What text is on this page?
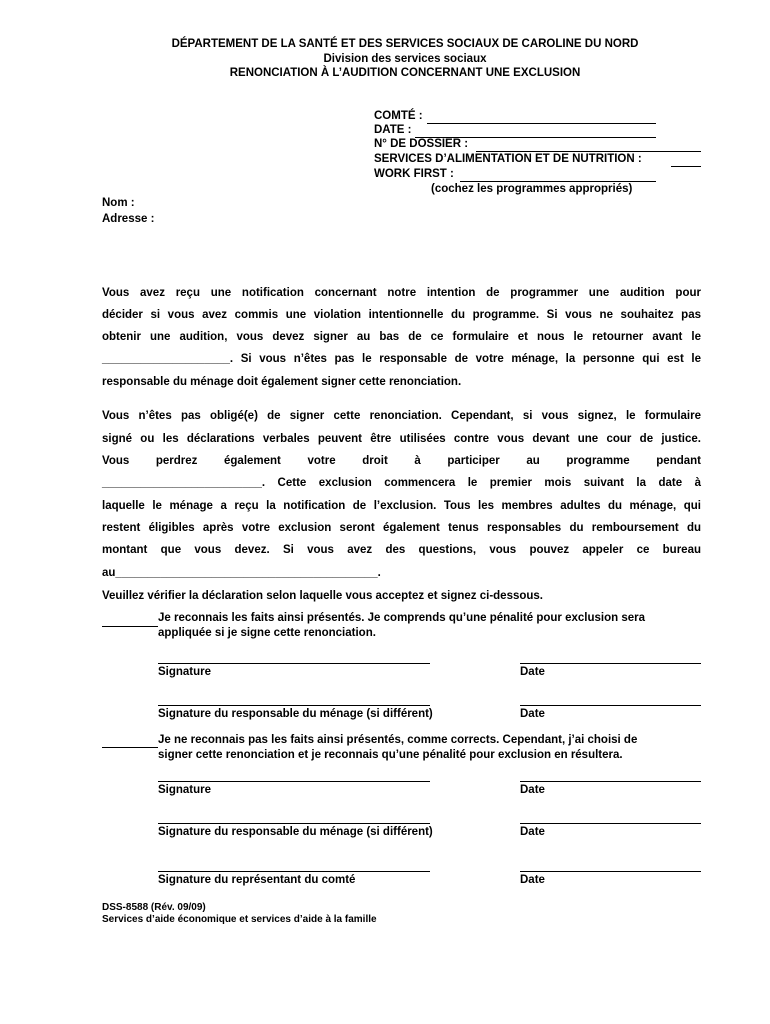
DÉPARTEMENT DE LA SANTÉ ET DES SERVICES SOCIAUX DE CAROLINE DU NORD
Division des services sociaux
RENONCIATION À L’AUDITION CONCERNANT UNE EXCLUSION
COMTÉ :
DATE :
N° DE DOSSIER :
SERVICES D’ALIMENTATION ET DE NUTRITION :
WORK FIRST :
(cochez les programmes appropriés)
Nom :
Adresse :
Vous avez reçu une notification concernant notre intention de programmer une audition pour
décider si vous avez commis une violation intentionnelle du programme. Si vous ne souhaitez pas
obtenir une audition, vous devez signer au bas de ce formulaire et nous le retourner avant le
____________________. Si vous n’êtes pas le responsable de votre ménage, la personne qui est le
responsable du ménage doit également signer cette renonciation.
Vous n’êtes pas obligé(e) de signer cette renonciation. Cependant, si vous signez, le formulaire
signé ou les déclarations verbales peuvent être utilisées contre vous devant une cour de justice.
Vous perdrez également votre droit à participer au programme pendant
_________________________. Cette exclusion commencera le premier mois suivant la date à
laquelle le ménage a reçu la notification de l’exclusion. Tous les membres adultes du ménage, qui
restent éligibles après votre exclusion seront également tenus responsables du remboursement du
montant que vous devez. Si vous avez des questions, vous pouvez appeler ce bureau
au_________________________________________.
Veuillez vérifier la déclaration selon laquelle vous acceptez et signez ci-dessous.
Je reconnais les faits ainsi présentés. Je comprends qu’une pénalité pour exclusion sera
appliquée si je signe cette renonciation.
Signature	Date
Signature du responsable du ménage (si différent)	Date
Je ne reconnais pas les faits ainsi présentés, comme corrects. Cependant, j’ai choisi de
signer cette renonciation et je reconnais qu’une pénalité pour exclusion en résultera.
Signature	Date
Signature du responsable du ménage (si différent)	Date
Signature du représentant du comté	Date
DSS-8588 (Rév. 09/09)
Services d’aide économique et services d’aide à la famille
